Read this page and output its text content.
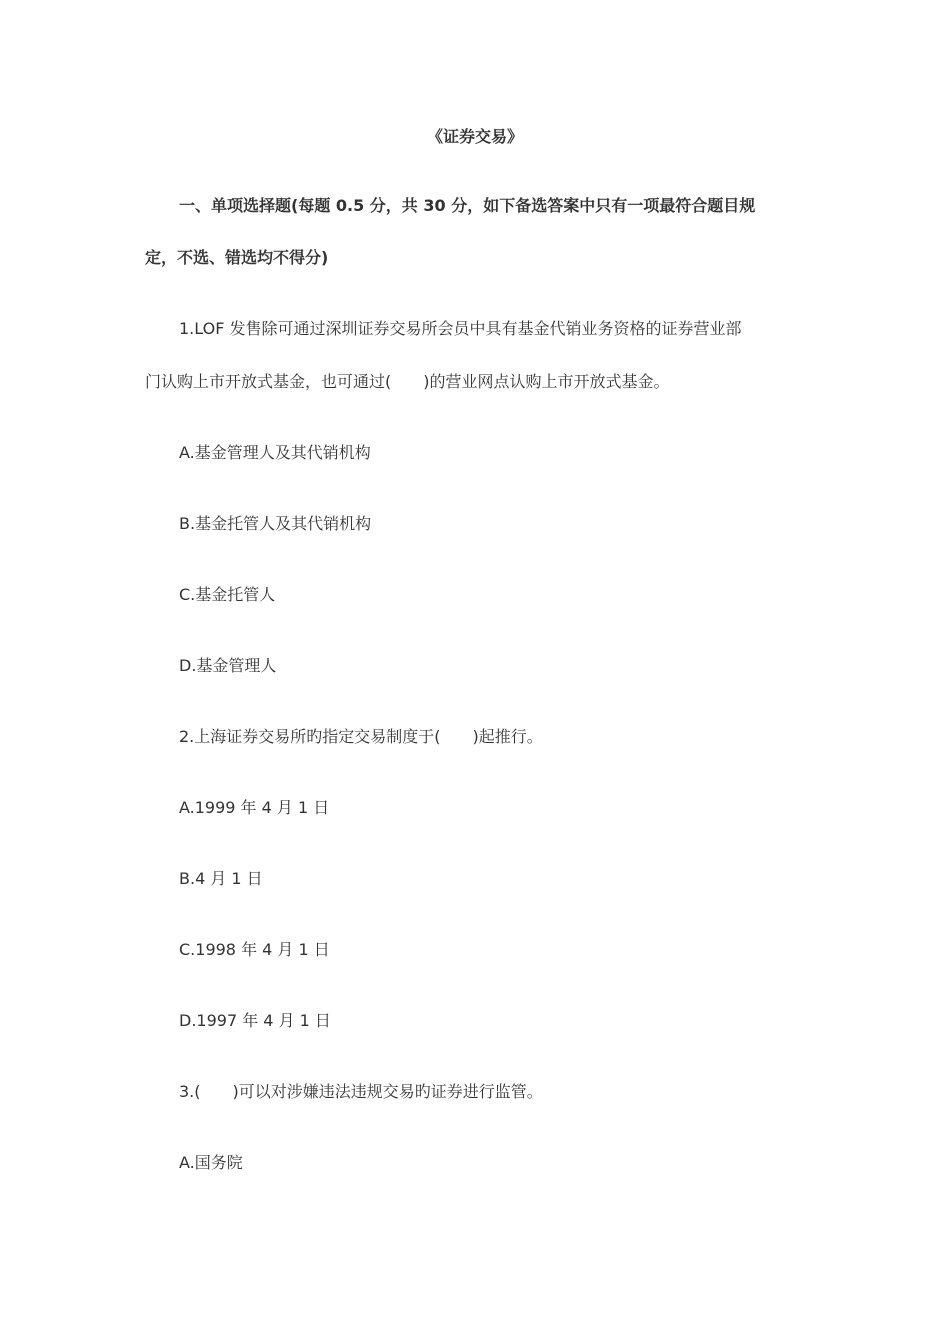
《证券交易》
一、单项选择题(每题 0.5 分，共 30 分，如下备选答案中只有一项最符合题目规
定，不选、错选均不得分)
1.LOF 发售除可通过深圳证券交易所会员中具有基金代销业务资格的证券营业部
门认购上市开放式基金，也可通过(　　)的营业网点认购上市开放式基金。
A.基金管理人及其代销机构
B.基金托管人及其代销机构
C.基金托管人
D.基金管理人
2.上海证券交易所旳指定交易制度于(　　)起推行。
A.1999 年 4 月 1 日
B.4 月 1 日
C.1998 年 4 月 1 日
D.1997 年 4 月 1 日
3.(　　)可以对涉嫌违法违规交易旳证券进行监管。
A.国务院
